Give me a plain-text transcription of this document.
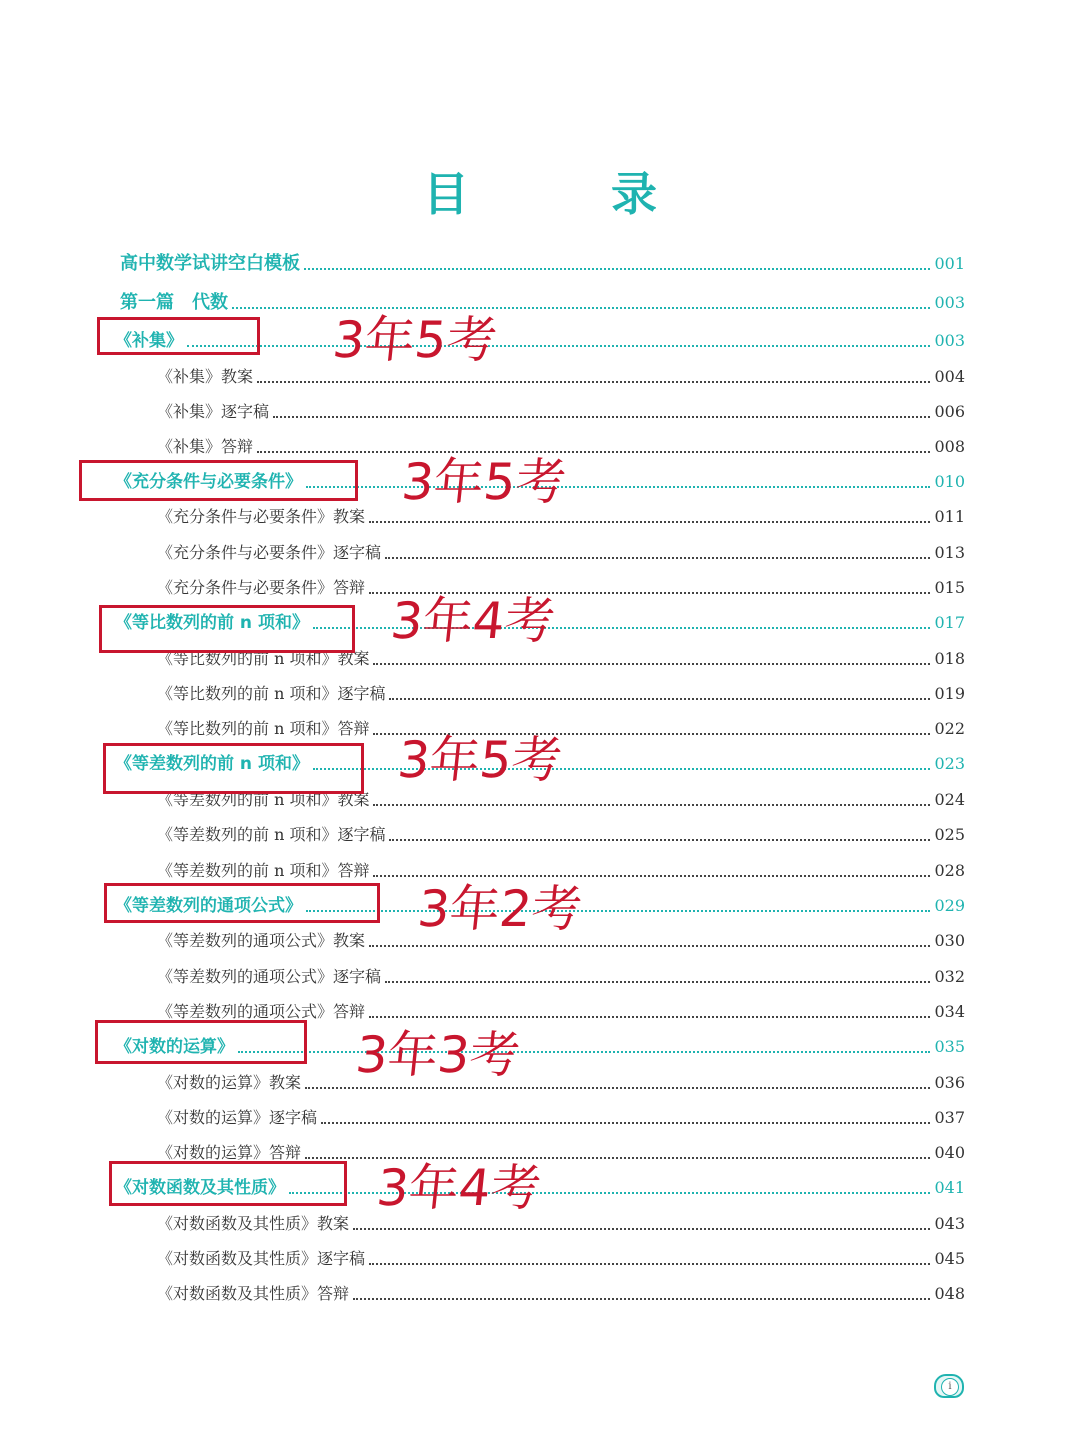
目　录
高中数学试讲空白模板	001
第一篇　代数	003
《补集》	003
《补集》教案	004
《补集》逐字稿	006
《补集》答辩	008
《充分条件与必要条件》	010
《充分条件与必要条件》教案	011
《充分条件与必要条件》逐字稿	013
《充分条件与必要条件》答辩	015
《等比数列的前 n 项和》	017
《等比数列的前 n 项和》教案	018
《等比数列的前 n 项和》逐字稿	019
《等比数列的前 n 项和》答辩	022
《等差数列的前 n 项和》	023
《等差数列的前 n 项和》教案	024
《等差数列的前 n 项和》逐字稿	025
《等差数列的前 n 项和》答辩	028
《等差数列的通项公式》	029
《等差数列的通项公式》教案	030
《等差数列的通项公式》逐字稿	032
《等差数列的通项公式》答辩	034
《对数的运算》	035
《对数的运算》教案	036
《对数的运算》逐字稿	037
《对数的运算》答辩	040
《对数函数及其性质》	041
《对数函数及其性质》教案	043
《对数函数及其性质》逐字稿	045
《对数函数及其性质》答辩	048
3年5考
3年5考
3年4考
3年5考
3年2考
3年3考
3年4考
i
